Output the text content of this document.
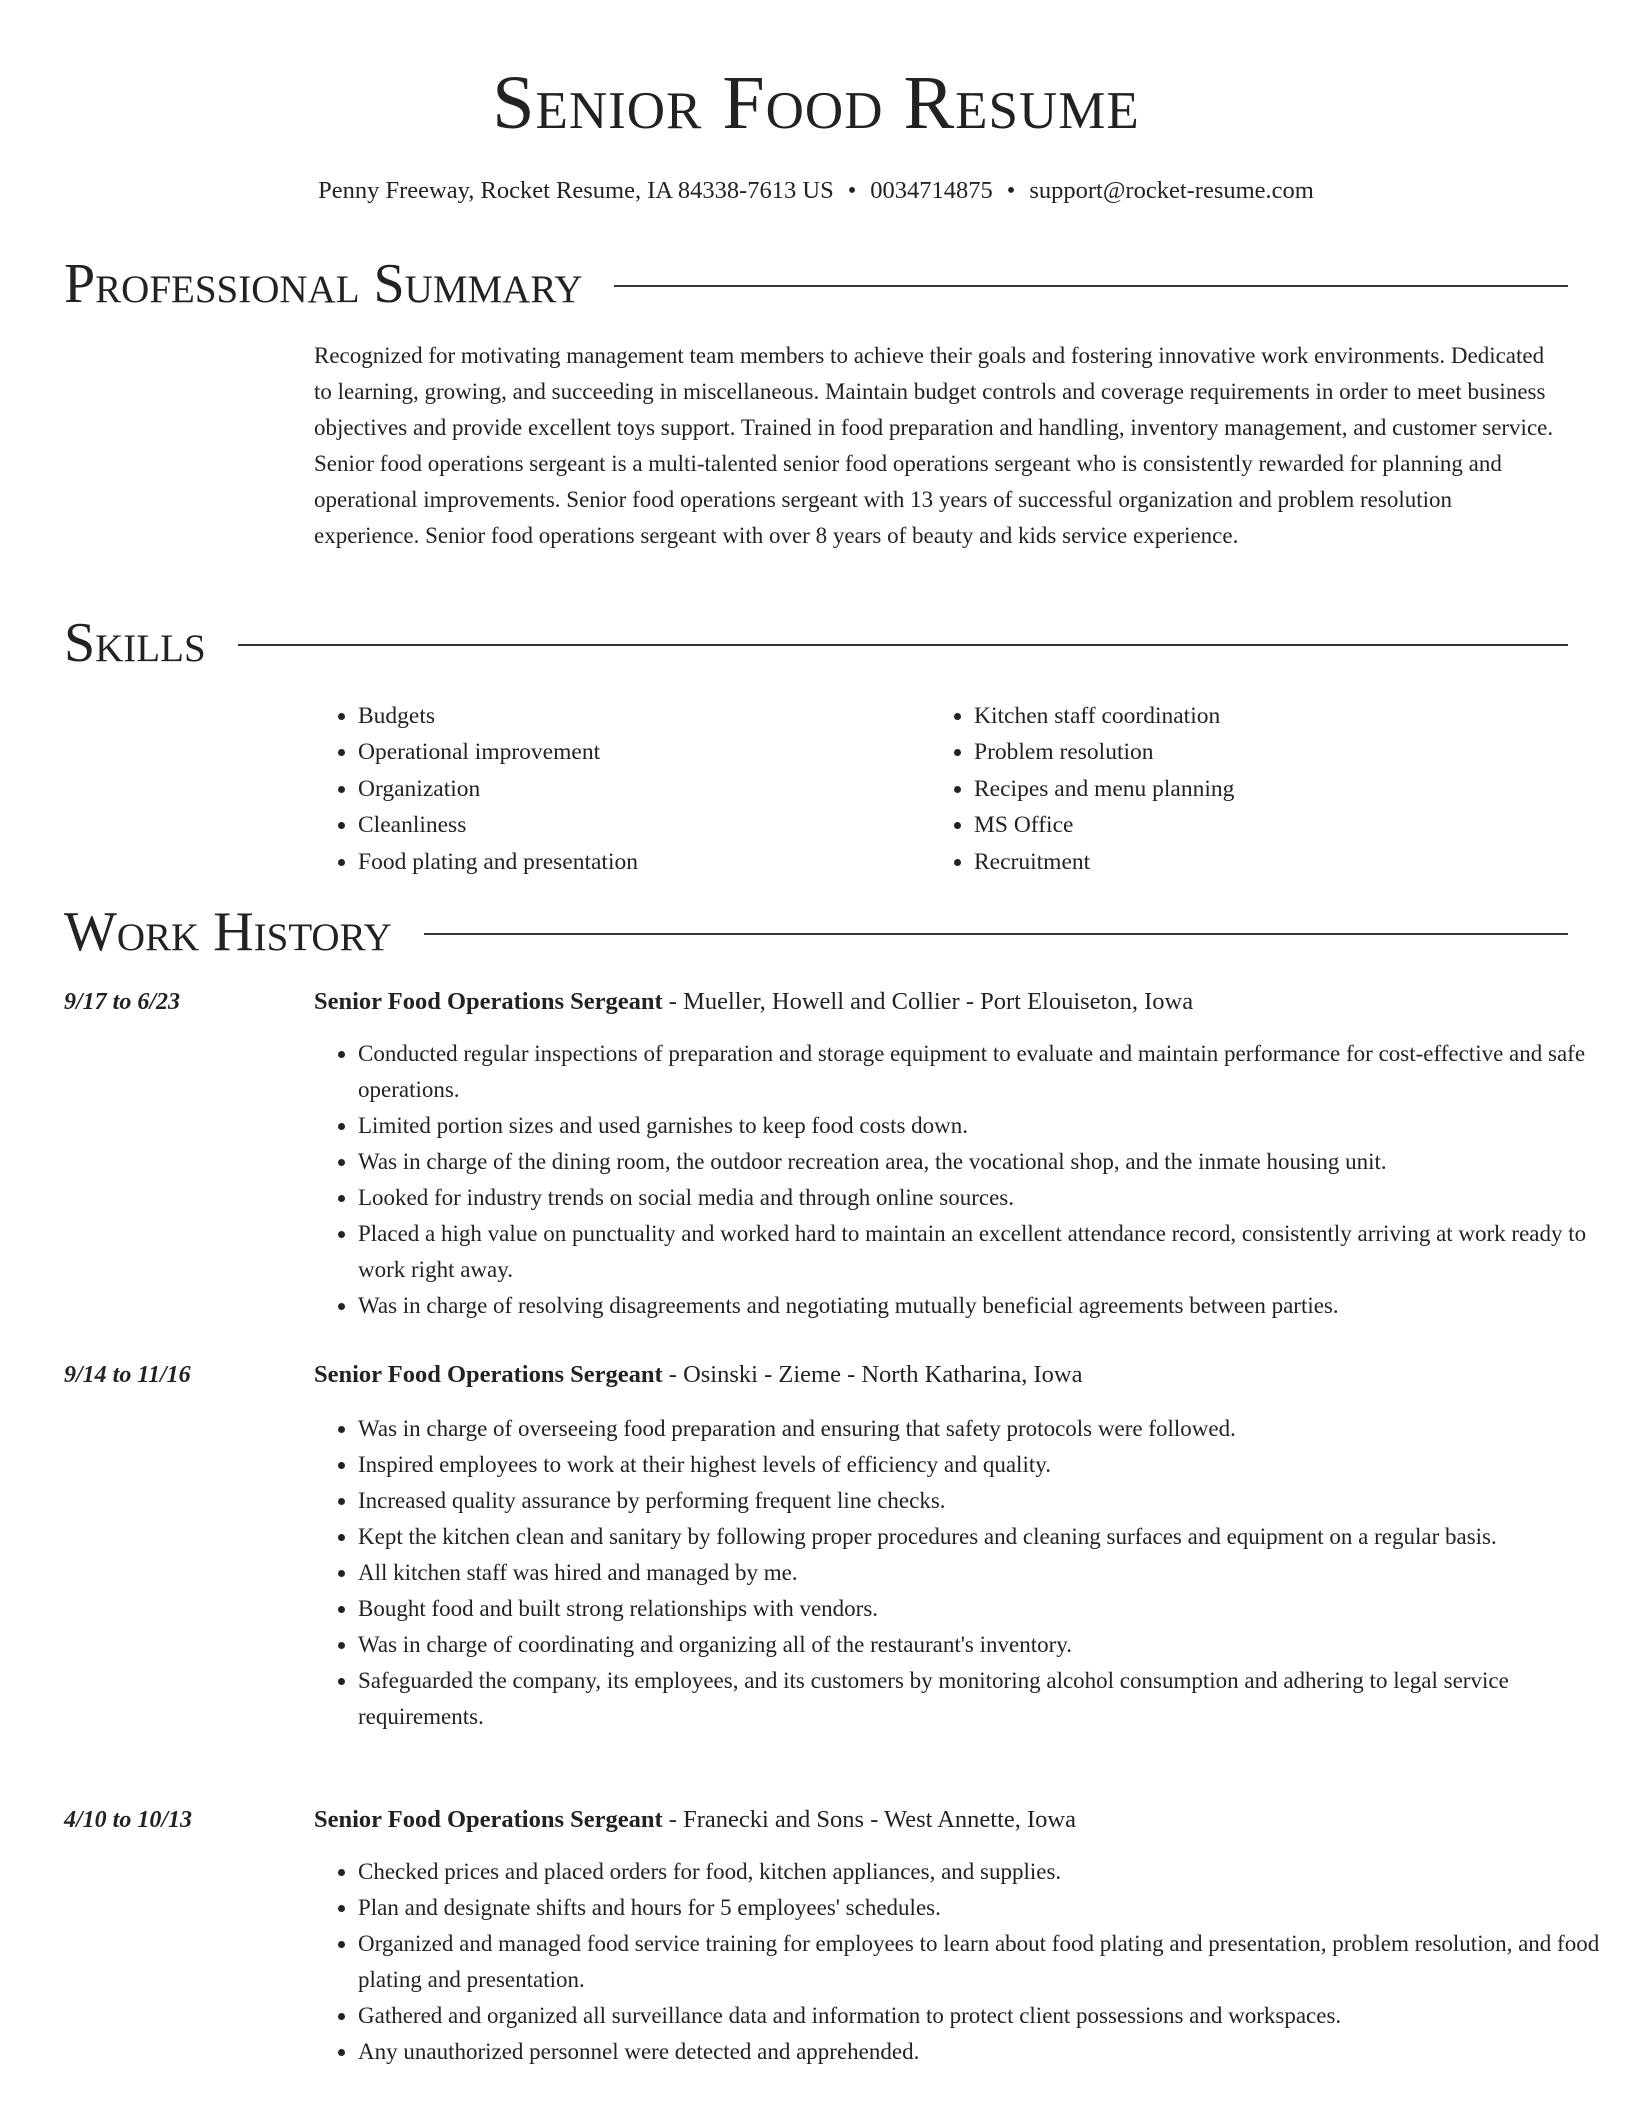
Senior Food Resume
Penny Freeway, Rocket Resume, IA 84338-7613 US • 0034714875 • support@rocket-resume.com
Professional Summary

Recognized for motivating management team members to achieve their goals and fostering innovative work environments. Dedicated to learning, growing, and succeeding in miscellaneous. Maintain budget controls and coverage requirements in order to meet business objectives and provide excellent toys support. Trained in food preparation and handling, inventory management, and customer service. Senior food operations sergeant is a multi-talented senior food operations sergeant who is consistently rewarded for planning and operational improvements. Senior food operations sergeant with 13 years of successful organization and problem resolution experience. Senior food operations sergeant with over 8 years of beauty and kids service experience.

Skills
• Budgets
• Operational improvement
• Organization
• Cleanliness
• Food plating and presentation
• Kitchen staff coordination
• Problem resolution
• Recipes and menu planning
• MS Office
• Recruitment
Work History
9/17 to 6/23	Senior Food Operations Sergeant - Mueller, Howell and Collier - Port Elouiseton, Iowa
• Conducted regular inspections of preparation and storage equipment to evaluate and maintain performance for cost-effective and safe operations.
• Limited portion sizes and used garnishes to keep food costs down.
• Was in charge of the dining room, the outdoor recreation area, the vocational shop, and the inmate housing unit.
• Looked for industry trends on social media and through online sources.
• Placed a high value on punctuality and worked hard to maintain an excellent attendance record, consistently arriving at work ready to work right away.
• Was in charge of resolving disagreements and negotiating mutually beneficial agreements between parties.
9/14 to 11/16	Senior Food Operations Sergeant - Osinski - Zieme - North Katharina, Iowa
• Was in charge of overseeing food preparation and ensuring that safety protocols were followed.
• Inspired employees to work at their highest levels of efficiency and quality.
• Increased quality assurance by performing frequent line checks.
• Kept the kitchen clean and sanitary by following proper procedures and cleaning surfaces and equipment on a regular basis.
• All kitchen staff was hired and managed by me.
• Bought food and built strong relationships with vendors.
• Was in charge of coordinating and organizing all of the restaurant's inventory.
• Safeguarded the company, its employees, and its customers by monitoring alcohol consumption and adhering to legal service requirements.
4/10 to 10/13	Senior Food Operations Sergeant - Franecki and Sons - West Annette, Iowa
• Checked prices and placed orders for food, kitchen appliances, and supplies.
• Plan and designate shifts and hours for 5 employees' schedules.
• Organized and managed food service training for employees to learn about food plating and presentation, problem resolution, and food plating and presentation.
• Gathered and organized all surveillance data and information to protect client possessions and workspaces.
• Any unauthorized personnel were detected and apprehended.
